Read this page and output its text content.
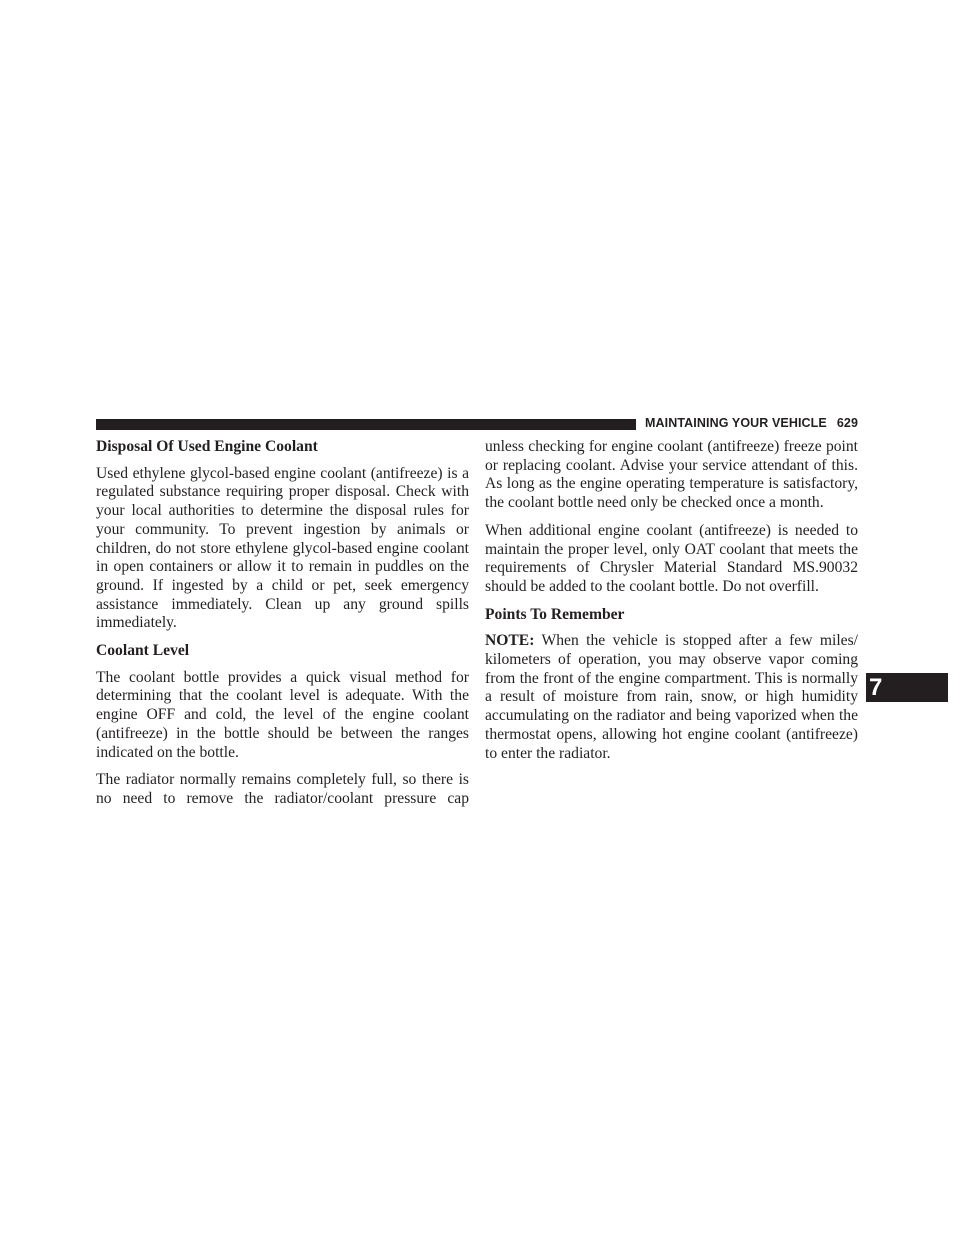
MAINTAINING YOUR VEHICLE 629
Disposal Of Used Engine Coolant

Used ethylene glycol-based engine coolant (antifreeze) is a regulated substance requiring proper disposal. Check with your local authorities to determine the disposal rules for your community. To prevent ingestion by animals or children, do not store ethylene glycol-based engine coolant in open containers or allow it to remain in puddles on the ground. If ingested by a child or pet, seek emergency assistance immediately. Clean up any ground spills immediately.

Coolant Level

The coolant bottle provides a quick visual method for determining that the coolant level is adequate. With the engine OFF and cold, the level of the engine coolant (antifreeze) in the bottle should be between the ranges indicated on the bottle.

The radiator normally remains completely full, so there is no need to remove the radiator/coolant pressure cap

unless checking for engine coolant (antifreeze) freeze point or replacing coolant. Advise your service attendant of this. As long as the engine operating temperature is satisfactory, the coolant bottle need only be checked once a month.

When additional engine coolant (antifreeze) is needed to maintain the proper level, only OAT coolant that meets the requirements of Chrysler Material Standard MS.90032 should be added to the coolant bottle. Do not overfill.

Points To Remember

NOTE: When the vehicle is stopped after a few miles/ kilometers of operation, you may observe vapor coming from the front of the engine compartment. This is normally a result of moisture from rain, snow, or high humidity accumulating on the radiator and being vaporized when the thermostat opens, allowing hot engine coolant (antifreeze) to enter the radiator.

7
